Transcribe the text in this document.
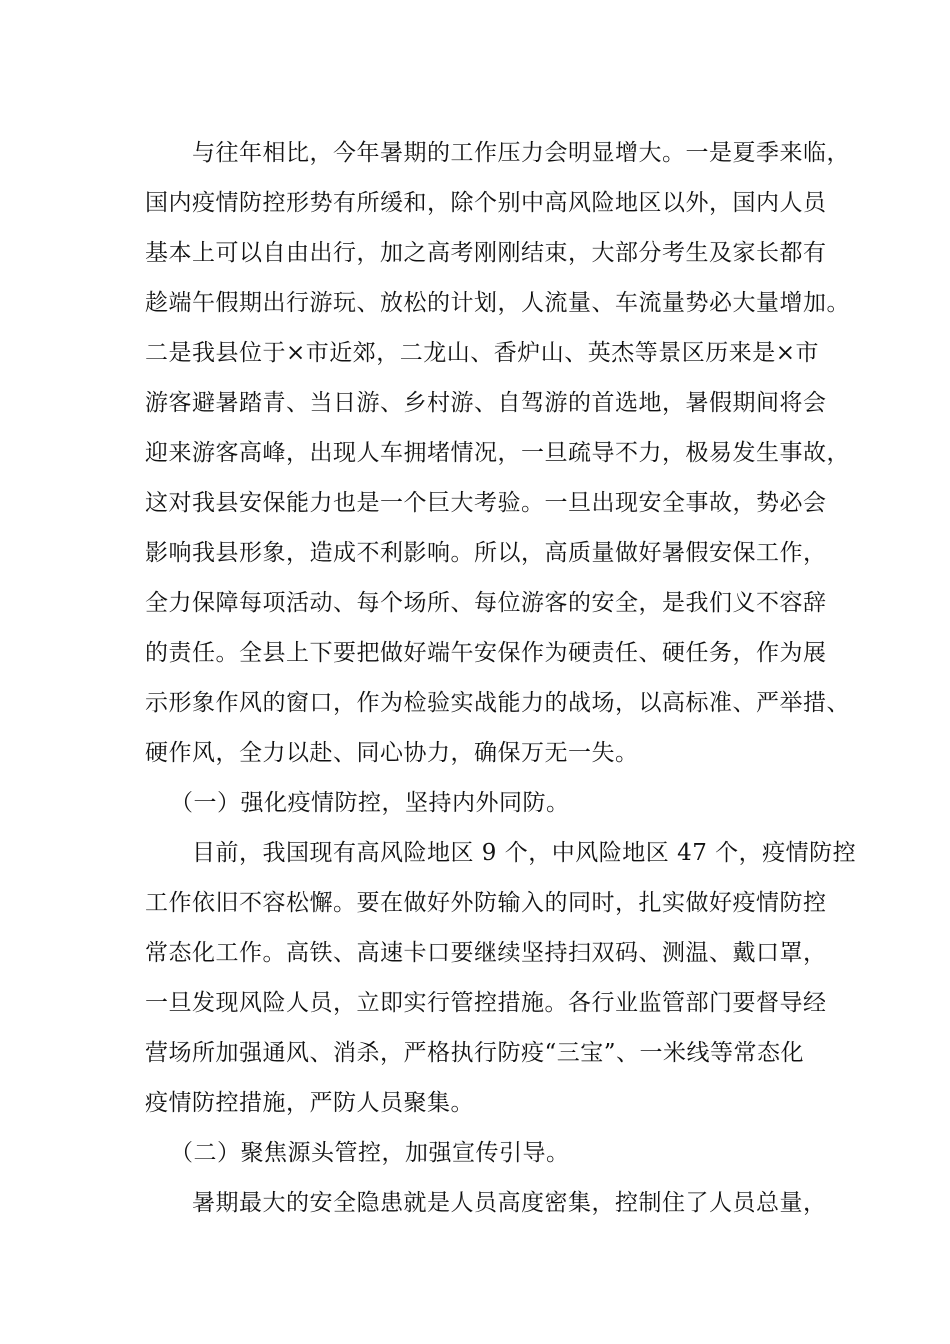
与往年相比，今年暑期的工作压力会明显增大。一是夏季来临，
国内疫情防控形势有所缓和，除个别中高风险地区以外，国内人员
基本上可以自由出行，加之高考刚刚结束，大部分考生及家长都有
趁端午假期出行游玩、放松的计划，人流量、车流量势必大量增加。
二是我县位于×市近郊，二龙山、香炉山、英杰等景区历来是×市
游客避暑踏青、当日游、乡村游、自驾游的首选地，暑假期间将会
迎来游客高峰，出现人车拥堵情况，一旦疏导不力，极易发生事故，
这对我县安保能力也是一个巨大考验。一旦出现安全事故，势必会
影响我县形象，造成不利影响。所以，高质量做好暑假安保工作，
全力保障每项活动、每个场所、每位游客的安全，是我们义不容辞
的责任。全县上下要把做好端午安保作为硬责任、硬任务，作为展
示形象作风的窗口，作为检验实战能力的战场，以高标准、严举措、
硬作风，全力以赴、同心协力，确保万无一失。
（一）强化疫情防控，坚持内外同防。
目前，我国现有高风险地区 9 个，中风险地区 47 个，疫情防控
工作依旧不容松懈。要在做好外防输入的同时，扎实做好疫情防控
常态化工作。高铁、高速卡口要继续坚持扫双码、测温、戴口罩，
一旦发现风险人员，立即实行管控措施。各行业监管部门要督导经
营场所加强通风、消杀，严格执行防疫“三宝”、一米线等常态化
疫情防控措施，严防人员聚集。
（二）聚焦源头管控，加强宣传引导。
暑期最大的安全隐患就是人员高度密集，控制住了人员总量，
